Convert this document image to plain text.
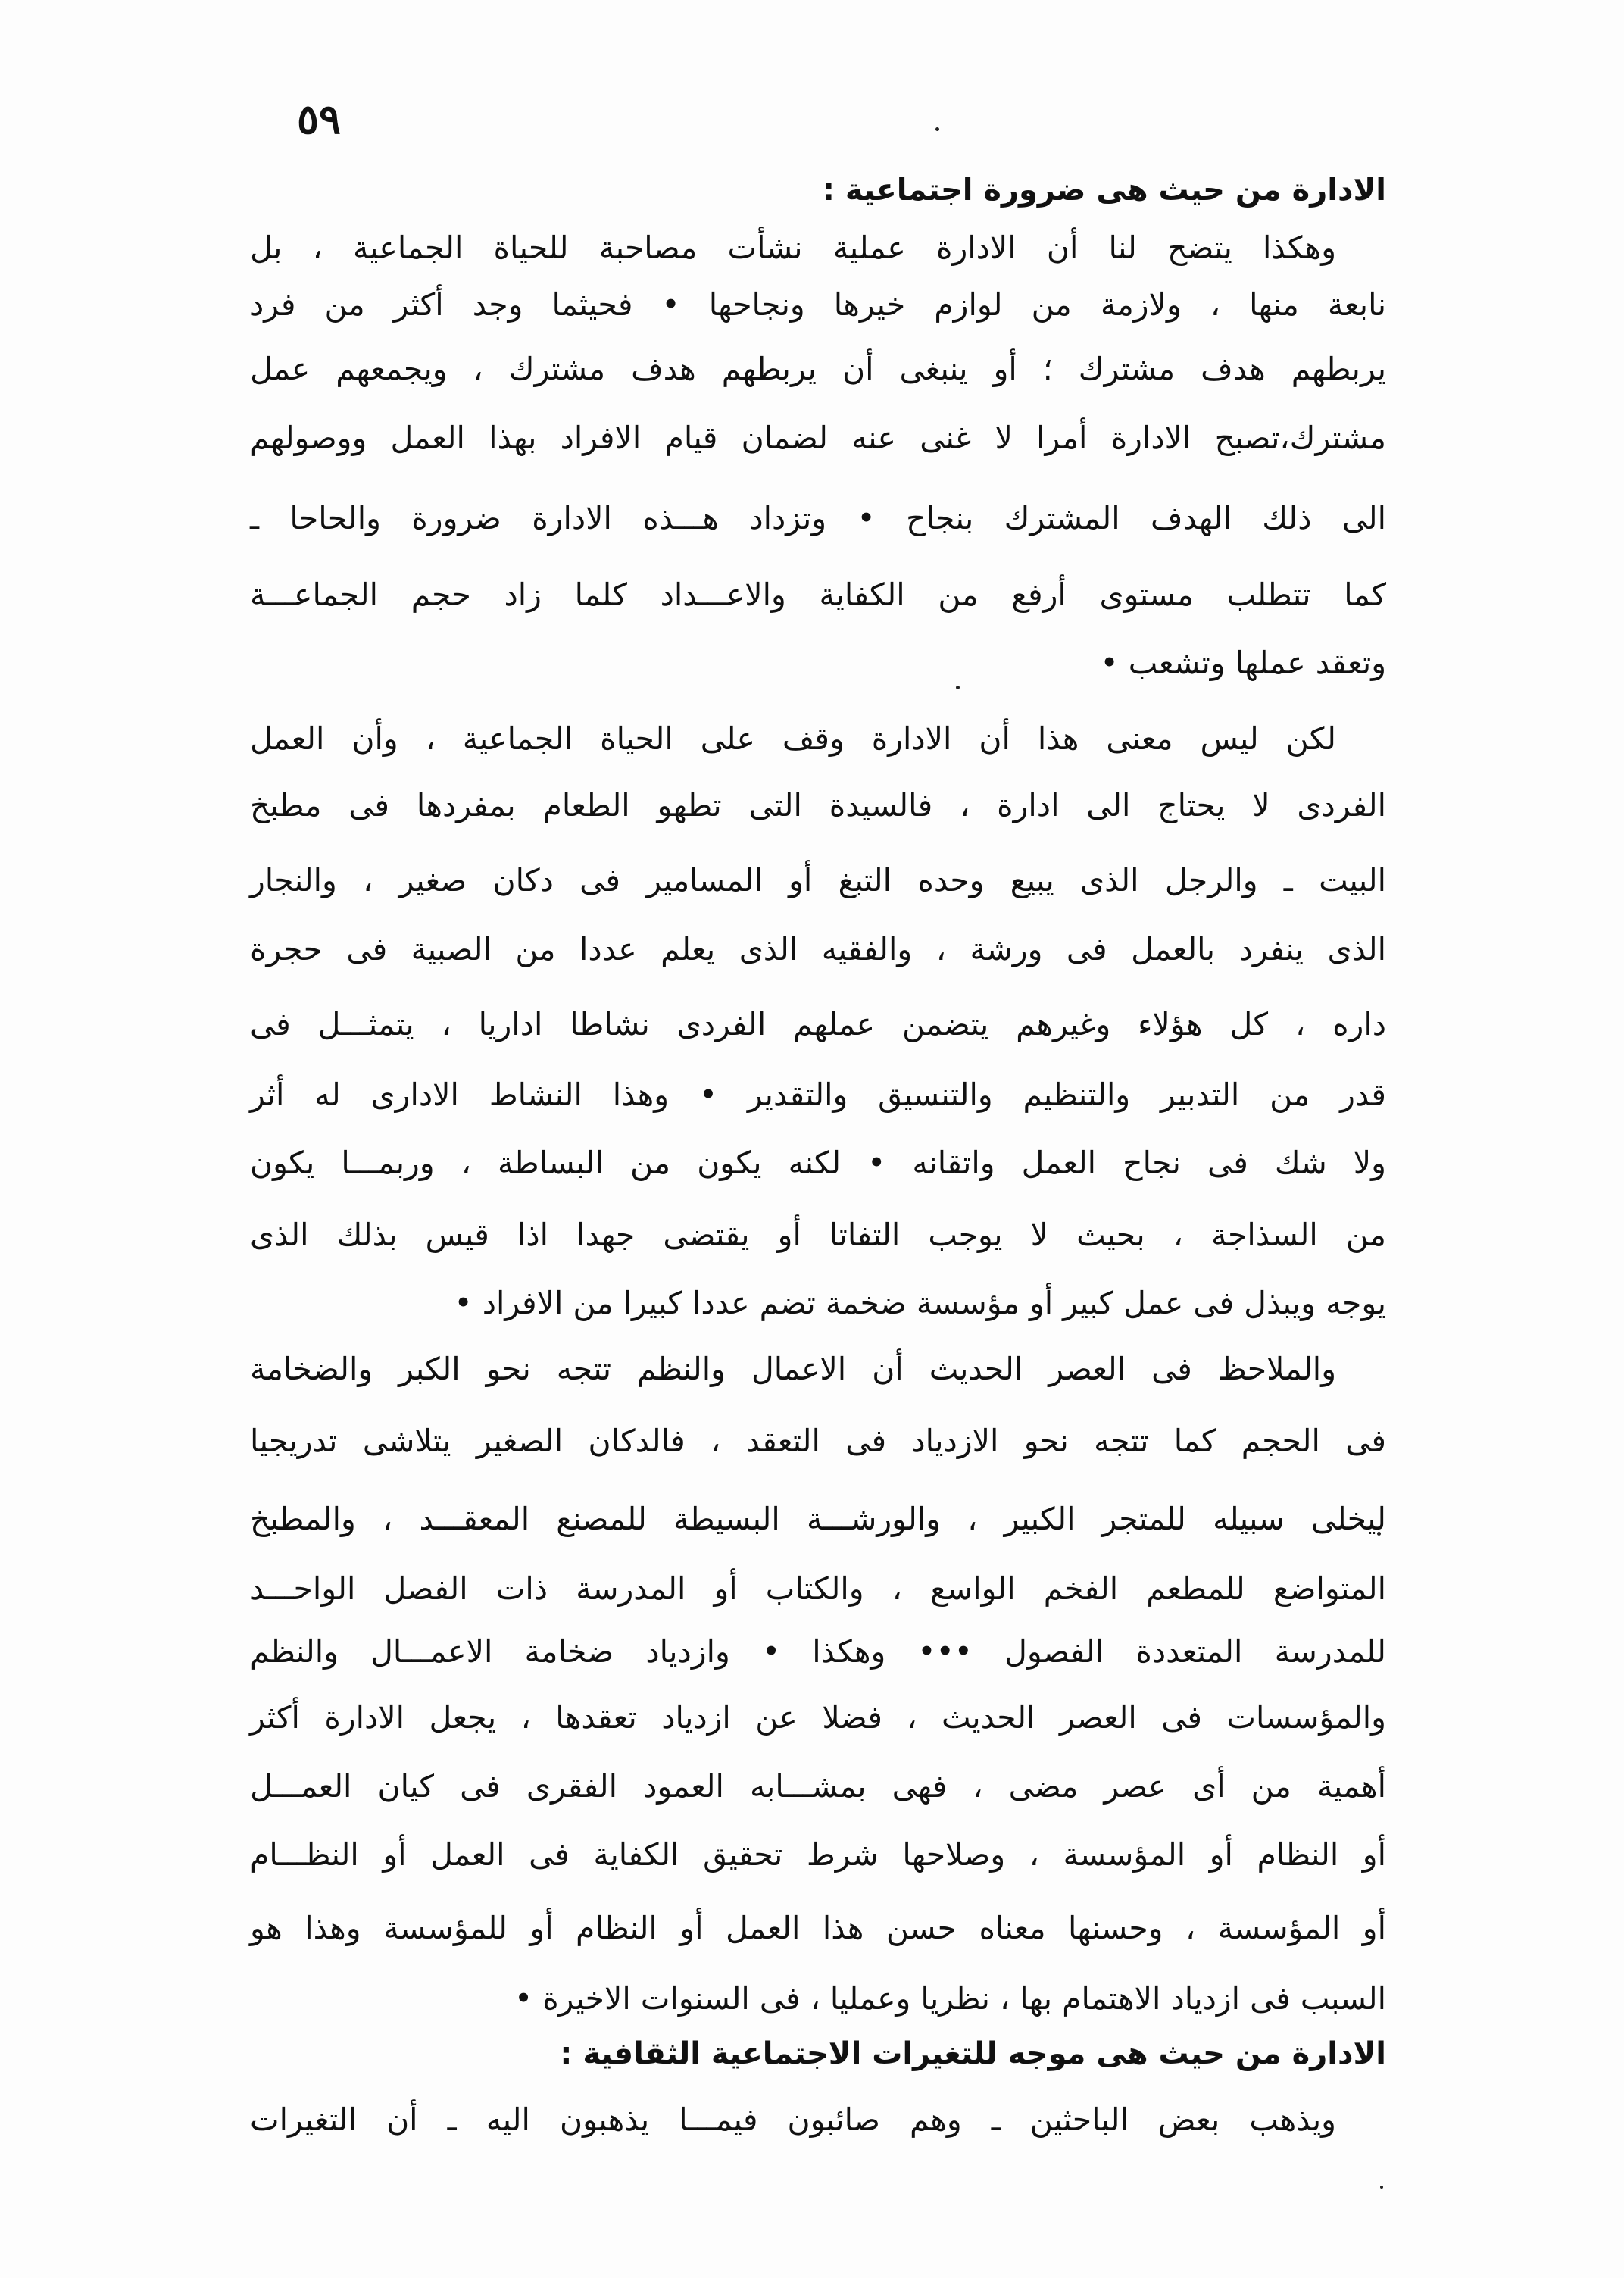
٥٩
الادارة من حيث هى ضرورة اجتماعية :
وهكذا يتضح لنا أن الادارة عملية نشأت مصاحبة للحياة الجماعية ، بل
نابعة منها ، ولازمة من لوازم خيرها ونجاحها • فحيثما وجد أكثر من فرد
يربطهم هدف مشترك ؛ أو ينبغى أن يربطهم هدف مشترك ، ويجمعهم عمل
مشترك،تصبح الادارة أمرا لا غنى عنه لضمان قيام الافراد بهذا العمل ووصولهم
الى ذلك الهدف المشترك بنجاح • وتزداد هـــذه الادارة ضرورة والحاحا ـ
كما تتطلب مستوى أرفع من الكفاية والاعـــداد كلما زاد حجم الجماعـــة
وتعقد عملها وتشعب •
لكن ليس معنى هذا أن الادارة وقف على الحياة الجماعية ، وأن العمل
الفردى لا يحتاج الى ادارة ، فالسيدة التى تطهو الطعام بمفردها فى مطبخ
البيت ـ والرجل الذى يبيع وحده التبغ أو المسامير فى دكان صغير ، والنجار
الذى ينفرد بالعمل فى ورشة ، والفقيه الذى يعلم عددا من الصبية فى حجرة
داره ، كل هؤلاء وغيرهم يتضمن عملهم الفردى نشاطا اداريا ، يتمثـــل فى
قدر من التدبير والتنظيم والتنسيق والتقدير • وهذا النشاط الادارى له أثر
ولا شك فى نجاح العمل واتقانه • لكنه يكون من البساطة ، وربمـــا يكون
من السذاجة ، بحيث لا يوجب التفاتا أو يقتضى جهدا اذا قيس بذلك الذى
يوجه ويبذل فى عمل كبير أو مؤسسة ضخمة تضم عددا كبيرا من الافراد •
والملاحظ فى العصر الحديث أن الاعمال والنظم تتجه نحو الكبر والضخامة
فى الحجم كما تتجه نحو الازدياد فى التعقد ، فالدكان الصغير يتلاشى تدريجيا
ليخلى سبيله للمتجر الكبير ، والورشـــة البسيطة للمصنع المعقـــد ، والمطبخ
المتواضع للمطعم الفخم الواسع ، والكتاب أو المدرسة ذات الفصل الواحـــد
للمدرسة المتعددة الفصول ••• وهكذا • وازدياد ضخامة الاعمـــال والنظم
والمؤسسات فى العصر الحديث ، فضلا عن ازدياد تعقدها ، يجعل الادارة أكثر
أهمية من أى عصر مضى ، فهى بمشـــابه العمود الفقرى فى كيان العمـــل
أو النظام أو المؤسسة ، وصلاحها شرط تحقيق الكفاية فى العمل أو النظـــام
أو المؤسسة ، وحسنها معناه حسن هذا العمل أو النظام أو للمؤسسة وهذا هو
السبب فى ازدياد الاهتمام بها ، نظريا وعمليا ، فى السنوات الاخيرة •
الادارة من حيث هى موجه للتغيرات الاجتماعية الثقافية :
ويذهب بعض الباحثين ـ وهم صائبون فيمـــا يذهبون اليه ـ أن التغيرات
